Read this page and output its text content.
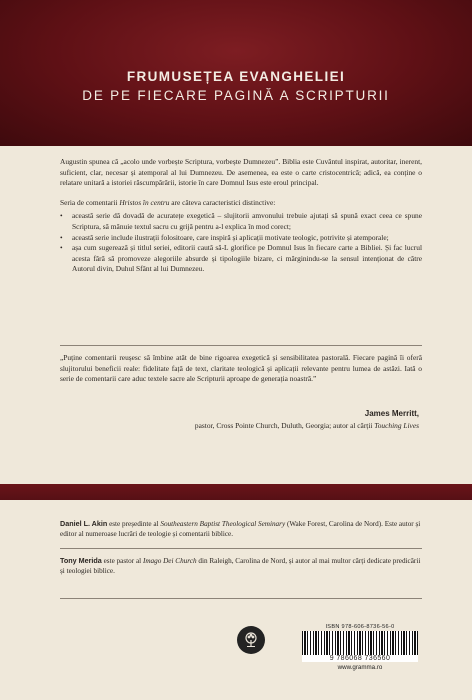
FRUMUSEȚEA EVANGHELIEI
DE PE FIECARE PAGINĂ A SCRIPTURII

Augustin spunea că „acolo unde vorbește Scriptura, vorbește Dumnezeu”. Biblia este Cuvântul inspirat, autoritar, inerent, suficient, clar, necesar și atemporal al lui Dumnezeu. De asemenea, ea este o carte cristocentrică; adică, ea conține o relatare unitară a istoriei răscumpărării, istorie în care Domnul Isus este eroul principal.

Seria de comentarii Hristos în centru are câteva caracteristici distinctive:

• această serie dă dovadă de acuratețe exegetică – slujitorii amvonului trebuie ajutați să spună exact ceea ce spune Scriptura, să mânuie textul sacru cu grijă pentru a-l explica în mod corect;
• această serie include ilustrații folositoare, care inspiră și aplicații motivate teologic, potrivite și atemporale;
• așa cum sugerează și titlul seriei, editorii caută să-L glorifice pe Domnul Isus în fiecare carte a Bibliei. Și fac lucrul acesta fără să promoveze alegoriile absurde și tipologiile bizare, ci mărginindu-se la sensul intenționat de către Autorul divin, Duhul Sfânt al lui Dumnezeu.
„Puține comentarii reușesc să îmbine atât de bine rigoarea exegetică și sensibilitatea pastorală. Fiecare pagină îi oferă slujitorului beneficii reale: fidelitate față de text, claritate teologică și aplicații relevante pentru lumea de astăzi. Iată o serie de comentarii care aduc textele sacre ale Scripturii aproape de generația noastră.”
James Merritt,
pastor, Cross Pointe Church, Duluth, Georgia; autor al cărții Touching Lives
Daniel L. Akin este președinte al Southeastern Baptist Theological Seminary (Wake Forest, Carolina de Nord). Este autor și editor al numeroase lucrări de teologie și comentarii biblice.
Tony Merida este pastor al Imago Dei Church din Raleigh, Carolina de Nord, și autor al mai multor cărți dedicate predicării și teologiei biblice.
ISBN 978-606-8736-56-0
9 786068 736560
www.gramma.ro
